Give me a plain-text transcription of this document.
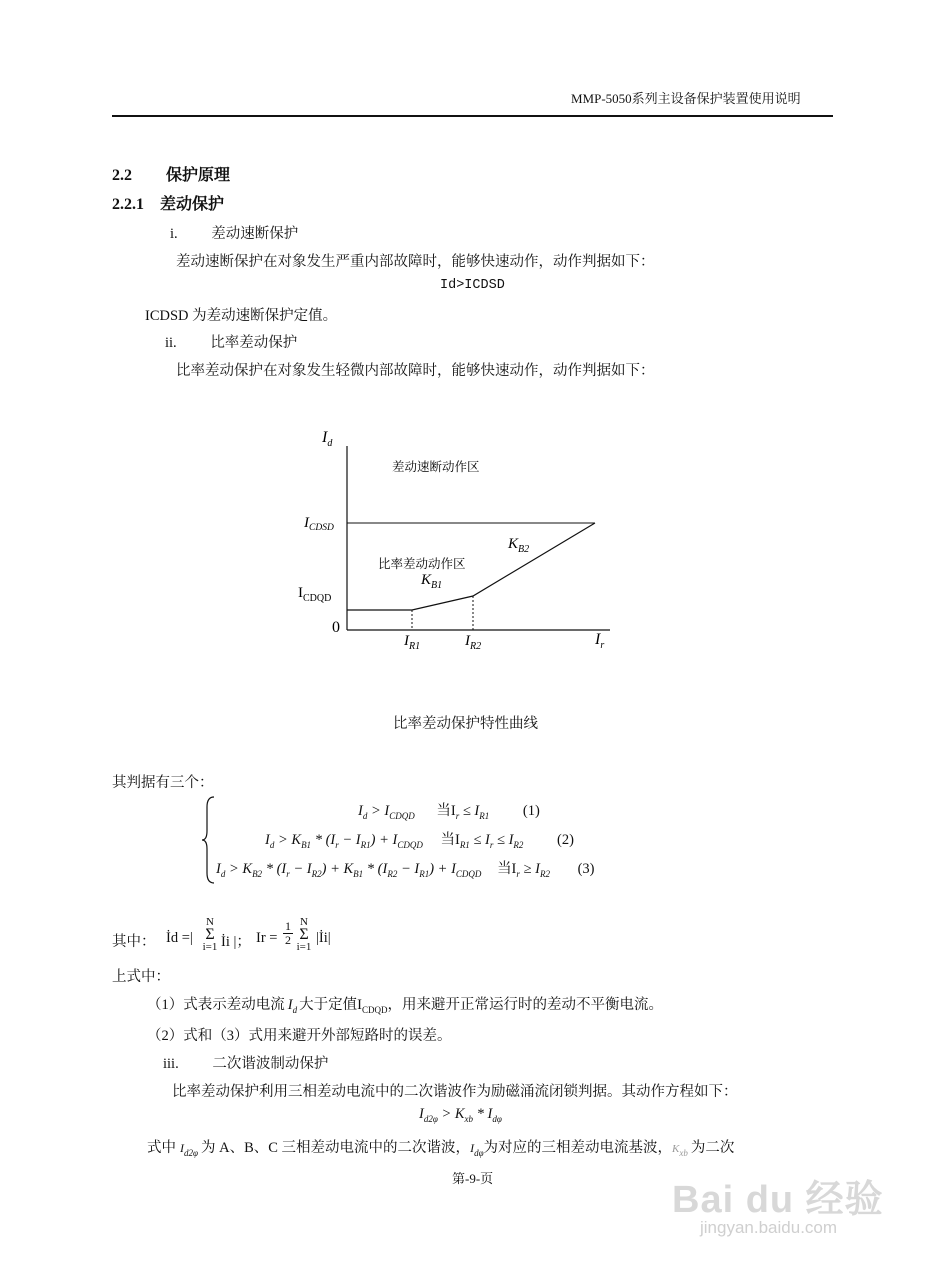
MMP-5050系列主设备保护装置使用说明
2.2 保护原理
2.2.1 差动保护
i. 差动速断保护
差动速断保护在对象发生严重内部故障时，能够快速动作，动作判据如下：
Id>ICDSD
ICDSD 为差动速断保护定值。
ii. 比率差动保护
比率差动保护在对象发生轻微内部故障时，能够快速动作，动作判据如下：
$I_d$
差动速断动作区
$I_{CDSD}$
$K_{B2}$
比率差动动作区
$K_{B1}$
$I_{CDQD}$
0
$I_{R1}$	$I_{R2}$	$I_r$
比率差动保护特性曲线
其判据有三个：
$I_d > I_{CDQD}$ 当$I_r \le I_{R1}$ (1)
$I_d > K_{B1} * (I_r - I_{R1}) + I_{CDQD}$ 当$I_{R1} \le I_r \le I_{R2}$ (2)
$I_d > K_{B2} * (I_r - I_{R2}) + K_{B1} * (I_{R2} - I_{R1}) + I_{CDQD}$ 当$I_r \ge I_{R2}$ (3)
其中： İd =|
N
Σ
i=1 İi |； Ir =
1
2
N
Σ
i=1
|İi|
上式中：
（1）式表示差动电流 $I_d$ 大于定值$I_{CDQD}$，用来避开正常运行时的差动不平衡电流。
（2）式和（3）式用来避开外部短路时的误差。
iii. 二次谐波制动保护
比率差动保护利用三相差动电流中的二次谐波作为励磁涌流闭锁判据。其动作方程如下：
$I_{d2\varphi} > K_{xb} * I_{d\varphi}$
式中 $I_{d2\varphi}$ 为 A、B、C 三相差动电流中的二次谐波，$I_{d\varphi}$为对应的三相差动电流基波，$K_{xb}$ 为二次
第-9-页
Bai du 经验
jingyan.baidu.com
